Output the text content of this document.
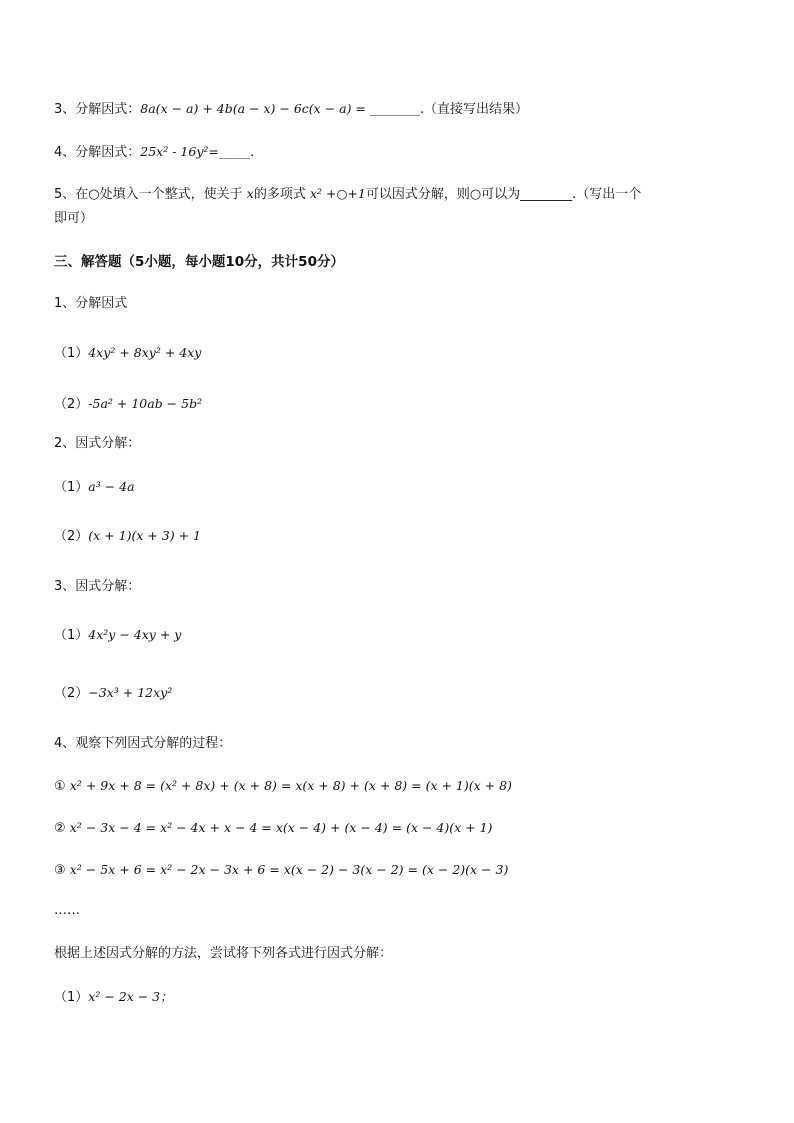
3、分解因式：8a(x − a) + 4b(a − x) − 6c(x − a) = ________.（直接写出结果）
4、分解因式：25x² - 16y²=_____.
5、在○处填入一个整式，使关于 x的多项式 x² +○+1可以因式分解，则○可以为________.（写出一个
即可）
三、解答题（5小题，每小题10分，共计50分）
1、分解因式
（1）4xy² + 8xy² + 4xy
（2）-5a² + 10ab − 5b²
2、因式分解：
（1）a³ − 4a
（2）(x + 1)(x + 3) + 1
3、因式分解：
（1）4x²y − 4xy + y
（2）−3x³ + 12xy²
4、观察下列因式分解的过程：
① x² + 9x + 8 = (x² + 8x) + (x + 8) = x(x + 8) + (x + 8) = (x + 1)(x + 8)
② x² − 3x − 4 = x² − 4x + x − 4 = x(x − 4) + (x − 4) = (x − 4)(x + 1)
③ x² − 5x + 6 = x² − 2x − 3x + 6 = x(x − 2) − 3(x − 2) = (x − 2)(x − 3)
……
根据上述因式分解的方法，尝试将下列各式进行因式分解：
（1）x² − 2x − 3；
